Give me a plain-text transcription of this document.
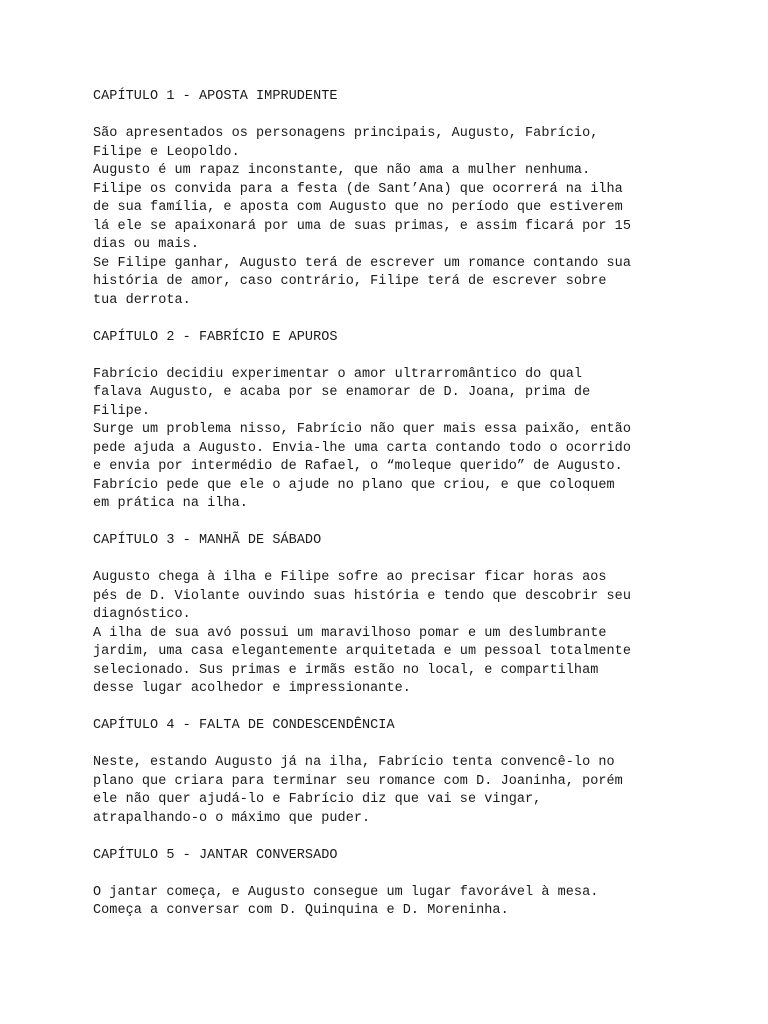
CAPÍTULO 1 - APOSTA IMPRUDENTE
São apresentados os personagens principais, Augusto, Fabrício,
Filipe e Leopoldo.
Augusto é um rapaz inconstante, que não ama a mulher nenhuma.
Filipe os convida para a festa (de Sant’Ana) que ocorrerá na ilha
de sua família, e aposta com Augusto que no período que estiverem
lá ele se apaixonará por uma de suas primas, e assim ficará por 15
dias ou mais.
Se Filipe ganhar, Augusto terá de escrever um romance contando sua
história de amor, caso contrário, Filipe terá de escrever sobre
tua derrota.
CAPÍTULO 2 - FABRÍCIO E APUROS
Fabrício decidiu experimentar o amor ultrarromântico do qual
falava Augusto, e acaba por se enamorar de D. Joana, prima de
Filipe.
Surge um problema nisso, Fabrício não quer mais essa paixão, então
pede ajuda a Augusto. Envia-lhe uma carta contando todo o ocorrido
e envia por intermédio de Rafael, o “moleque querido” de Augusto.
Fabrício pede que ele o ajude no plano que criou, e que coloquem
em prática na ilha.
CAPÍTULO 3 - MANHÃ DE SÁBADO
Augusto chega à ilha e Filipe sofre ao precisar ficar horas aos
pés de D. Violante ouvindo suas história e tendo que descobrir seu
diagnóstico.
A ilha de sua avó possui um maravilhoso pomar e um deslumbrante
jardim, uma casa elegantemente arquitetada e um pessoal totalmente
selecionado. Sus primas e irmãs estão no local, e compartilham
desse lugar acolhedor e impressionante.
CAPÍTULO 4 - FALTA DE CONDESCENDÊNCIA
Neste, estando Augusto já na ilha, Fabrício tenta convencê-lo no
plano que criara para terminar seu romance com D. Joaninha, porém
ele não quer ajudá-lo e Fabrício diz que vai se vingar,
atrapalhando-o o máximo que puder.
CAPÍTULO 5 - JANTAR CONVERSADO
O jantar começa, e Augusto consegue um lugar favorável à mesa.
Começa a conversar com D. Quinquina e D. Moreninha.
